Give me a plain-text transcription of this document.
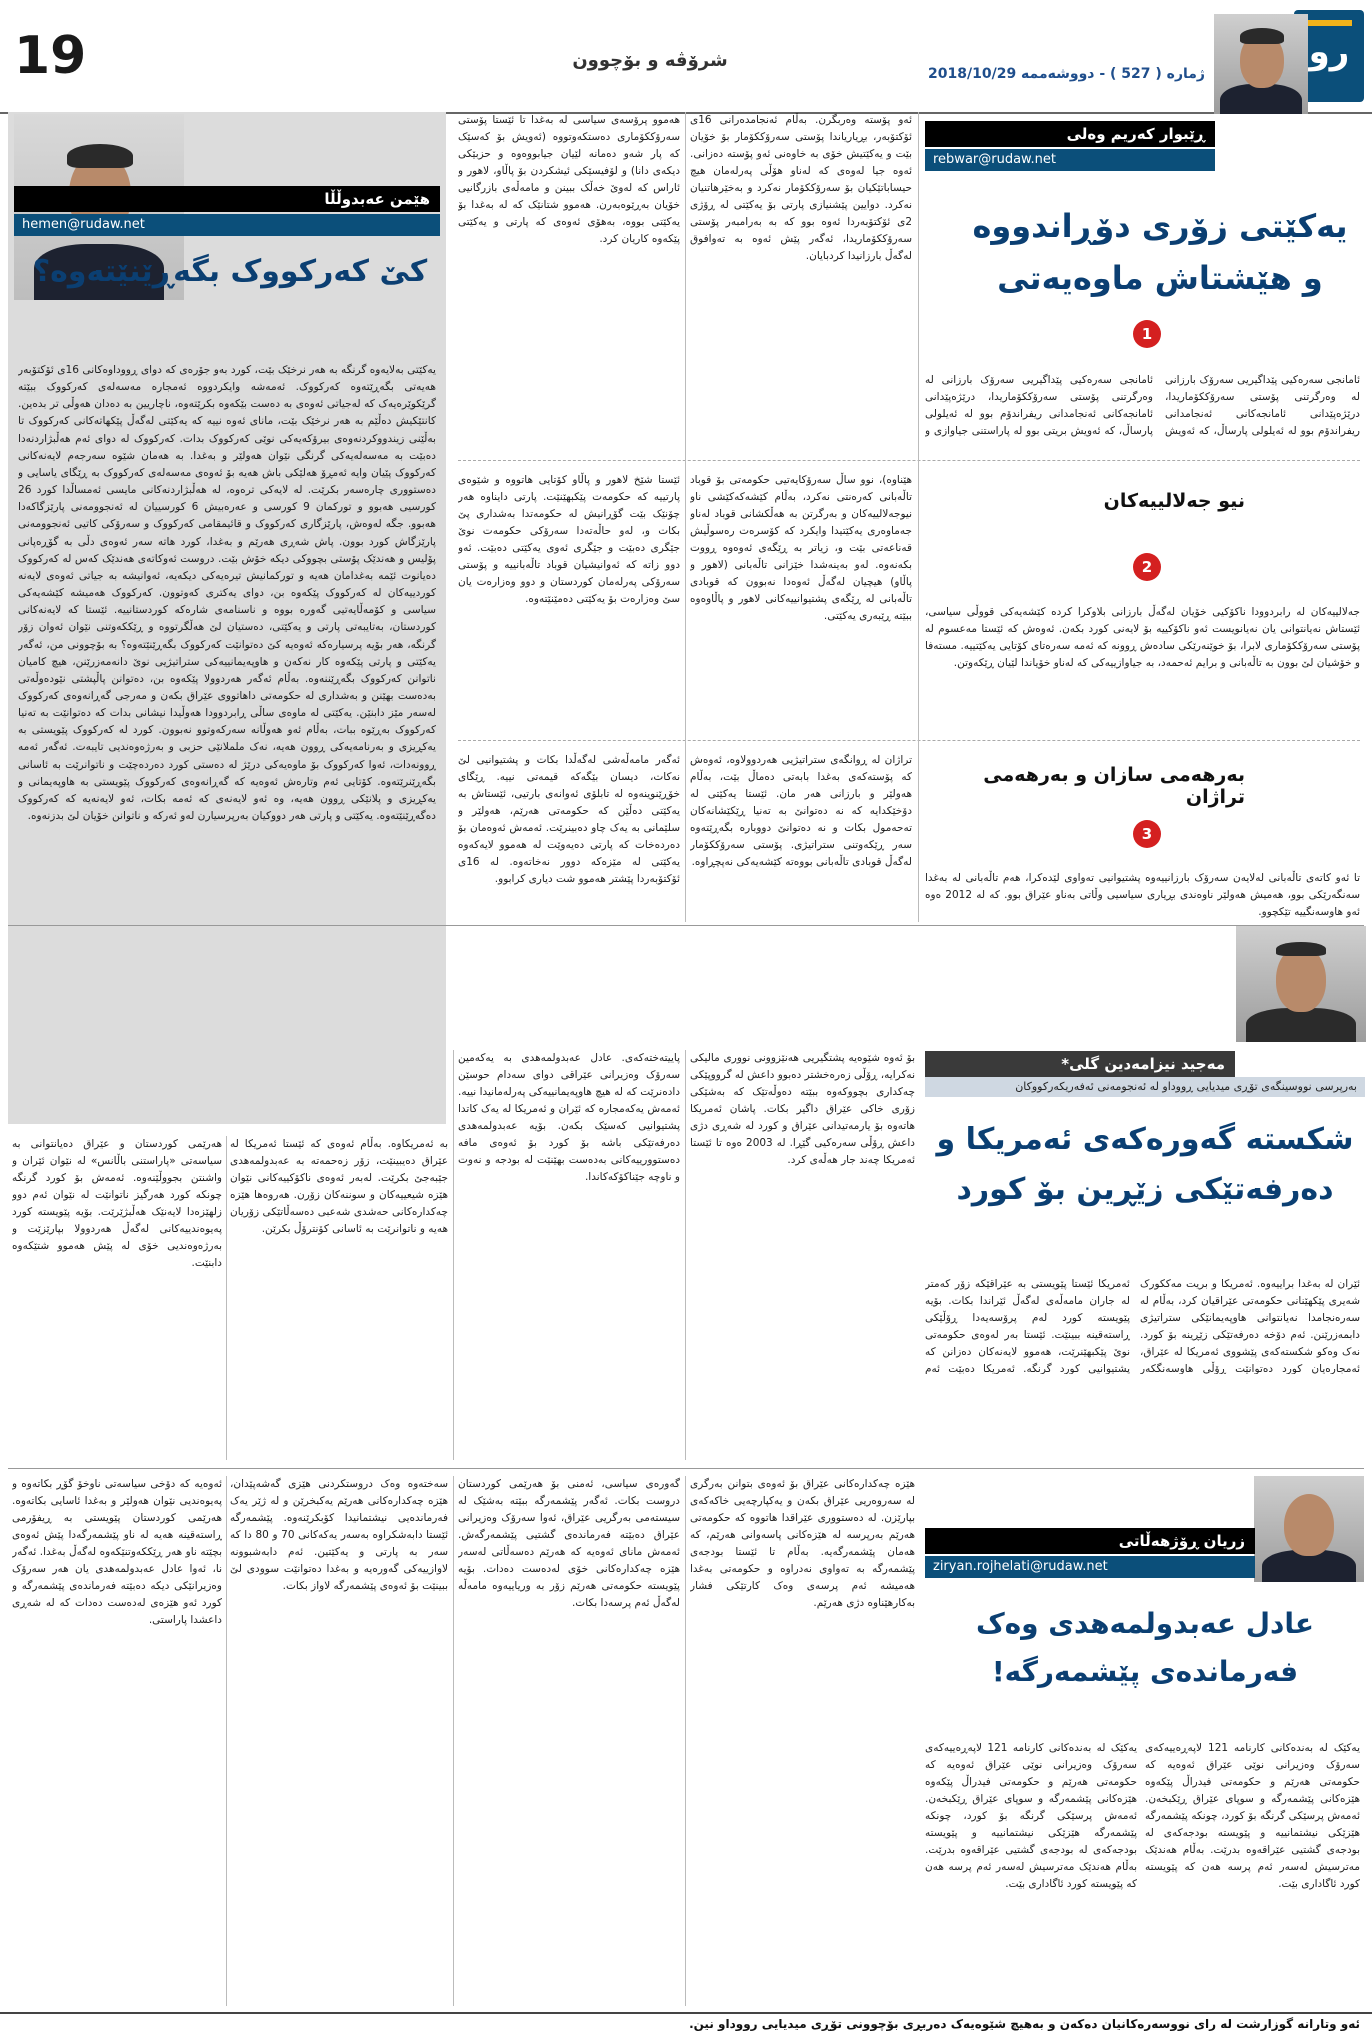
19	شرۆڤە و بۆچوون
ژمارە ( 527 ) - دووشەممە 2018/10/29
رو
ڕێبوار کەریم وەلی
rebwar@rudaw.net
یەکێتی زۆری دۆڕاندووە و هێشتاش ماوەیەتی
1
ئامانجی سەرەکیی پێداگیریی سەرۆک بارزانی لە وەرگرتنی پۆستی سەرۆککۆماریدا، درێژەپێدانی ئامانجەکانی ئەنجامدانی ریفراندۆم بوو لە ئەیلولی پارساڵ، کە ئەویش
ئامانجی سەرەکیی پێداگیریی سەرۆک بارزانی لە وەرگرتنی پۆستی سەرۆککۆماریدا، درێژەپێدانی ئامانجەکانی ئەنجامدانی ریفراندۆم بوو لە ئەیلولی پارساڵ، کە ئەویش بریتی بوو لە پاراستنی جیاوازی و
ئەو پۆستە وەربگرن. بەڵام ئەنجامدەرانی 16ی ئۆکتۆبەر، بڕیاریاندا پۆستی سەرۆککۆمار بۆ خۆیان بێت و یەکێتیش خۆی بە خاوەنی ئەو پۆستە دەزانی. ئەوە جیا لەوەی کە لەناو هۆڵی پەرلەمان هیچ حیساباتێکیان بۆ سەرۆککۆمار نەکرد و بەخێرهاتنیان نەکرد. دوایین پێشنیازی پارتی بۆ یەکێتی لە ڕۆژی 2ی ئۆکتۆبەردا ئەوە بوو کە بە بەرامبەر پۆستی سەرۆککۆماریدا، ئەگەر پێش ئەوە بە تەوافوق لەگەڵ بارزانیدا کردبایان.
هەموو پرۆسەی سیاسی لە بەغدا تا ئێستا پۆستی سەرۆککۆماری دەستکەوتووە (ئەویش بۆ کەسێک کە پار شەو دەمانە لێیان جیابووەوە و حزبێکی دیکەی دانا) و لۆفیسێکی ئیشکردن بۆ پاڵاو، لاهور و ئاراس کە لەوێ خەڵک ببینن و مامەڵەی بازرگانیی خۆیان بەڕێوەبەرن. هەموو شتانێک کە لە بەغدا بۆ یەکێتی بووە، بەهۆی ئەوەی کە پارتی و یەکێتی پێکەوە کاریان کرد.
نیو جەلالییەکان
2
جەلالییەکان لە رابردوودا ناکۆکیی خۆیان لەگەڵ بارزانی بلاوکرا کردە کێشەیەکی قووڵی سیاسی، ئێستاش نەیانتوانی یان نەیانویست ئەو ناکۆکییە بۆ لایەنی کورد بکەن. ئەوەش کە ئێستا مەعسوم لە پۆستی سەرۆککۆماری لابرا، بۆ خوێنەرێکی سادەش ڕوونە کە ئەمە سەرەتای کۆتایی یەکێتییە. مستەفا و خۆشیان لێ بوون بە تاڵەبانی و برایم ئەحمەد، بە جیاوازییەکی کە لەناو خۆیاندا لێیان ڕێکەوتن.
هێناوە)، نوو ساڵ سەرۆکایەتیی حکومەتی بۆ قوباد تاڵەبانی کەرەنتی نەکرد، بەڵام کێشەکەکێشی ناو نیوجەلالییەکان و بەرگرتن بە هەڵکشانی قوباد لەناو جەماوەری یەکێتیدا وایکرد کە کۆسرەت رەسوڵیش قەناعەتی بێت و، زیاتر بە ڕێگەی ئەوەوە ڕووت بکەنەوە. لەو بەینەشدا خێزانی تاڵەبانی (لاهور و پاڵاو) هیچیان لەگەڵ ئەوەدا نەبوون کە قوبادی تاڵەبانی لە ڕێگەی پشتیوانییەکانی لاهور و پاڵاوەوە ببێتە ڕێبەری یەکێتی.
ئێستا شێخ لاهور و پاڵاو کۆتایی هاتووە و شێوەی پارتییە کە حکومەت پێکبهێنێت. پارتی دایناوە هەر چۆنێک بێت گۆڕانیش لە حکومەتدا بەشداری پێ بکات و، لەو حاڵەتەدا سەرۆکی حکومەت نوێ جێگری دەبێت و جێگری ئەوی یەکێتی دەبێت. ئەو دوو زاتە کە ئەوانیشیان قوباد تاڵەبانییە و پۆستی سەرۆکی پەرلەمان کوردستان و دوو وەزارەت یان سێ وەزارەت بۆ یەکێتی دەمێنێتەوە.
بەرهەمی سازان و بەرهەمی تراژان
3
تا ئەو کاتەی تاڵەبانی لەلایەن سەرۆک بارزانییەوە پشتیوانیی تەواوی لێدەکرا، هەم تاڵەبانی لە بەغدا سەنگەرێکی بوو، هەمیش هەولێر ناوەندی بڕیاری سیاسیی وڵاتی بەناو عێراق بوو. کە لە 2012 ەوە ئەو هاوسەنگییە تێکچوو.
تراژان لە ڕوانگەی ستراتیژیی هەردوولاوە، ئەوەش کە پۆستەکەی بەغدا بابەتی دەماڵ بێت، بەڵام هەولێر و بارزانی هەر مان. ئێستا یەکێتی لە دۆخێکدایە کە نە دەتوانێ بە تەنیا ڕێکێشانەکان تەحەمول بکات و نە دەتوانێ دووبارە بگەڕێتەوە سەر ڕێکەوتنی ستراتیژی. پۆستی سەرۆککۆمار لەگەڵ قوبادی تاڵەبانی بووەتە کێشەیەکی نەپچڕاوە.
ئەگەر مامەڵەشی لەگەڵدا بکات و پشتیوانیی لێ نەکات، دیسان بێگەکە قیمەتی نییە. ڕێگای خۆڕێنوینەوە لە تابلۆی ئەوانەی بارتیی، ئێستاش بە یەکێتی دەڵێن کە حکومەتی هەرێم، هەولێر و سلێمانی بە یەک چاو دەبینرێت. ئەمەش ئەوەمان بۆ دەردەخات کە پارتی دەیەوێت لە هەموو لایەکەوە یەکێتی لە مێزەکە دوور نەخاتەوە. لە 16ی ئۆکتۆبەردا پێشتر هەموو شت دیاری کرابوو.
هێمن عەبدوڵڵا
hemen@rudaw.net
کێ کەرکووک بگەڕێنێتەوە؟
یەکێتی بەلایەوە گرنگە بە هەر نرخێک بێت، کورد بەو جۆرەی کە دوای ڕووداوەکانی 16ی ئۆکتۆبەر هەیەتی بگەڕێتەوە کەرکووک. ئەمەشە وایکردووە ئەمجارە مەسەلەی کەرکووک ببێتە گرێکوێرەیەک کە لەجیاتی ئەوەی بە دەست بێکەوە بکرێتەوە، ناچاریین بە دەدان هەوڵی تر بدەین. کانتێکیش دەڵێم بە هەر نرخێک بێت، مانای ئەوە نییە کە یەکێتی لەگەڵ پێکهاتەکانی کەرکووک تا بەڵێنی زیندووکردنەوەی بیرۆکەیەکی نوێی کەرکووک بدات. کەرکووک لە دوای ئەم هەڵبژاردنەدا دەبێت بە مەسەلەیەکی گرنگی نێوان هەولێر و بەغدا. بە هەمان شێوە سەرجەم لایەنەکانی کەرکووک پێیان وایە ئەمڕۆ هەلێکی باش هەیە بۆ ئەوەی مەسەلەی کەرکووک بە ڕێگای یاسایی و دەستووری چارەسەر بکرێت. لە لایەکی ترەوە، لە هەڵبژاردنەکانی مایسی ئەمساڵدا کورد 26 کورسیی هەبوو و تورکمان 9 کورسی و عەرەبیش 6 کورسییان لە ئەنجوومەنی پارێزگاکەدا هەبوو. جگە لەوەش، پارێزگاری کەرکووک و قائیمقامی کەرکووک و سەرۆکی کاتیی ئەنجوومەنی پارێزگاش کورد بوون. پاش شەڕی هەرێم و بەغدا، کورد هاتە سەر ئەوەی دڵی بە گۆڕەپانی پۆلیس و هەندێک پۆستی بچووکی دیکە خۆش بێت. دروست ئەوکاتەی هەندێک کەس لە کەرکووک دەیانوت ئێمە بەغدامان هەیە و تورکمانیش تیرەیەکی دیکەیە، ئەوانیشە بە جیاتی ئەوەی لایەنە کوردییەکان لە کەرکووک پێکەوە بن، دوای یەکتری کەوتوون. کەرکووک هەمیشە کێشەیەکی سیاسی و کۆمەڵایەتیی گەورە بووە و ناسنامەی شارەکە کوردستانییە. ئێستا کە لایەنەکانی کوردستان، بەتایبەتی پارتی و یەکێتی، دەستیان لێ هەڵگرتووە و ڕێککەوتنی نێوان ئەوان زۆر گرنگە، هەر بۆیە پرسیارەکە ئەوەیە کێ دەتوانێت کەرکووک بگەڕێنێتەوە؟ بە بۆچوونی من، ئەگەر یەکێتی و پارتی پێکەوە کار نەکەن و هاوپەیمانییەکی ستراتیژیی نوێ دانەمەزرێنن، هیچ کامیان ناتوانن کەرکووک بگەڕێننەوە. بەڵام ئەگەر هەردوولا پێکەوە بن، دەتوانن پاڵپشتی نێودەوڵەتی بەدەست بهێنن و بەشداری لە حکومەتی داهاتووی عێراق بکەن و مەرجی گەڕانەوەی کەرکووک لەسەر مێز دابنێن. یەکێتی لە ماوەی ساڵی ڕابردوودا هەوڵیدا نیشانی بدات کە دەتوانێت بە تەنیا کەرکووک بەڕێوە ببات، بەڵام ئەو هەوڵانە سەرکەوتوو نەبوون. کورد لە کەرکووک پێویستی بە یەکڕیزی و بەرنامەیەکی ڕوون هەیە، نەک ململانێی حزبی و بەرژەوەندیی تایبەت. ئەگەر ئەمە ڕوونەدات، ئەوا کەرکووک بۆ ماوەیەکی درێژ لە دەستی کورد دەردەچێت و ناتوانرێت بە ئاسانی بگەڕێنرێتەوە. کۆتایی ئەم وتارەش ئەوەیە کە گەڕانەوەی کەرکووک پێویستی بە هاوپەیمانی و یەکڕیزی و پلانێکی ڕوون هەیە، وە ئەو لایەنەی کە ئەمە بکات، ئەو لایەنەیە کە کەرکووک دەگەڕێنێتەوە. یەکێتی و پارتی هەر دووکیان بەرپرسیارن لەو ئەرکە و ناتوانن خۆیان لێ بدزنەوە.
مەجید نیزامەدین گلی*
بەرپرسی نووسینگەی تۆڕی میدیایی ڕووداو لە ئەنجومەنی ئەفەریکەرکووکان
شکستە گەورەکەی ئەمریکا و دەرفەتێکی زێڕین بۆ کورد
ئێران لە بەغدا براییەوە. ئەمریکا و بریت مەککورک شەیری پێکهێنانی حکومەتی عێراقیان کرد، بەڵام لە سەرەنجامدا نەیانتوانی هاوپەیمانێکی ستراتیژی دابمەزرێنن. ئەم دۆخە دەرفەتێکی زێڕینە بۆ کورد. نەک وەکو شکستەکەی پێشووی ئەمریکا لە عێراق، ئەمجارەیان کورد دەتوانێت ڕۆڵی هاوسەنگکەر
ئەمریکا ئێستا پێویستی بە عێراقێکە زۆر کەمتر لە جاران مامەڵەی لەگەڵ ئێراندا بکات. بۆیە پێویستە کورد لەم پرۆسەیەدا ڕۆڵێکی ڕاستەقینە ببینێت. ئێستا بەر لەوەی حکومەتی نوێ پێکبهێنرێت، هەموو لایەنەکان دەزانن کە پشتیوانیی کورد گرنگە. ئەمریکا دەبێت ئەم
بۆ ئەوە شێوەیە پشتگیریی هەنێزوونی نووری مالیکی نەکرایە، ڕۆڵی زەرەخشتر دەبوو داعش لە گرووپێکی چەکداری بچووکەوە ببێتە دەوڵەتێک کە بەشێکی زۆری خاکی عێراق داگیر بکات. پاشان ئەمریکا هاتەوە بۆ یارمەتیدانی عێراق و کورد لە شەڕی دژی داعش ڕۆڵی سەرەکیی گێڕا. لە 2003 ەوە تا ئێستا ئەمریکا چەند جار هەڵەی کرد.
پاییتەختەکەی. عادل عەبدولمەهدی بە یەکەمین سەرۆک وەزیرانی عێراقی دوای سەدام حوسێن دادەنرێت کە لە هیچ هاوپەیمانییەکی پەرلەمانیدا نییە. ئەمەش یەکەمجارە کە ئێران و ئەمریکا لە یەک کاتدا پشتیوانیی کەسێک بکەن. بۆیە عەبدولمەهدی دەرفەتێکی باشە بۆ کورد بۆ ئەوەی مافە دەستوورییەکانی بەدەست بهێنێت لە بودجە و نەوت و ناوچە جێناکۆکەکاندا.
بە ئەمریکاوە. بەڵام ئەوەی کە ئێستا ئەمریکا لە عێراق دەیبینێت، زۆر زەحمەتە بە عەبدولمەهدی جێبەجێ بکرێت. لەبەر ئەوەی ناکۆکییەکانی نێوان هێزە شیعییەکان و سوننەکان زۆرن. هەروەها هێزە چەکدارەکانی حەشدی شەعبی دەسەڵاتێکی زۆریان هەیە و ناتوانرێت بە ئاسانی کۆنترۆڵ بکرێن.
هەرێمی کوردستان و عێراق دەیانتوانی بە سیاسەتی «پاراستنی باڵانس» لە نێوان ئێران و واشنتن بجووڵێنەوە. ئەمەش بۆ کورد گرنگە چونکە کورد هەرگیز ناتوانێت لە نێوان ئەم دوو زلهێزەدا لایەنێک هەڵبژێرێت. بۆیە پێویستە کورد پەیوەندییەکانی لەگەڵ هەردوولا بپارێزێت و بەرژەوەندیی خۆی لە پێش هەموو شتێکەوە دابنێت.
زریان ڕۆژهەڵاتی
ziryan.rojhelati@rudaw.net
عادل عەبدولمەهدی وەک فەرماندەی پێشمەرگە!
یەکێک لە بەندەکانی کارنامە 121 لاپەڕەییەکەی سەرۆک وەزیرانی نوێی عێراق ئەوەیە کە حکومەتی هەرێم و حکومەتی فیدراڵ پێکەوە هێزەکانی پێشمەرگە و سوپای عێراق ڕێکبخەن. ئەمەش پرسێکی گرنگە بۆ کورد، چونکە پێشمەرگە هێزێکی نیشتمانییە و پێویستە بودجەکەی لە بودجەی گشتیی عێراقەوە بدرێت. بەڵام هەندێک مەترسیش لەسەر ئەم پرسە هەن کە پێویستە کورد ئاگاداری بێت.
یەکێک لە بەندەکانی کارنامە 121 لاپەڕەییەکەی سەرۆک وەزیرانی نوێی عێراق ئەوەیە کە حکومەتی هەرێم و حکومەتی فیدراڵ پێکەوە هێزەکانی پێشمەرگە و سوپای عێراق ڕێکبخەن. ئەمەش پرسێکی گرنگە بۆ کورد، چونکە پێشمەرگە هێزێکی نیشتمانییە و پێویستە بودجەکەی لە بودجەی گشتیی عێراقەوە بدرێت. بەڵام هەندێک مەترسیش لەسەر ئەم پرسە هەن کە پێویستە کورد ئاگاداری بێت.
هێزە چەکدارەکانی عێراق بۆ ئەوەی بتوانن بەرگری لە سەروەریی عێراق بکەن و یەکپارچەیی خاکەکەی بپارێزن. لە دەستووری عێراقدا هاتووە کە حکومەتی هەرێم بەرپرسە لە هێزەکانی پاسەوانی هەرێم، کە هەمان پێشمەرگەیە. بەڵام تا ئێستا بودجەی پێشمەرگە بە تەواوی نەدراوە و حکومەتی بەغدا هەمیشە ئەم پرسەی وەک کارتێکی فشار بەکارهێناوە دژی هەرێم.
گەورەی سیاسی، ئەمنی بۆ هەرێمی کوردستان دروست بکات. ئەگەر پێشمەرگە ببێتە بەشێک لە سیستەمی بەرگریی عێراق، ئەوا سەرۆک وەزیرانی عێراق دەبێتە فەرماندەی گشتیی پێشمەرگەش. ئەمەش مانای ئەوەیە کە هەرێم دەسەڵاتی لەسەر هێزە چەکدارەکانی خۆی لەدەست دەدات. بۆیە پێویستە حکومەتی هەرێم زۆر بە وریاییەوە مامەڵە لەگەڵ ئەم پرسەدا بکات.
سەختەوە وەک دروستکردنی هێزی گەشەپێدان، هێزە چەکدارەکانی هەرێم یەکبخرێن و لە ژێر یەک فەرماندەیی نیشتمانیدا کۆبکرێنەوە. پێشمەرگە ئێستا دابەشکراوە بەسەر یەکەکانی 70 و 80 دا کە سەر بە پارتی و یەکێتین. ئەم دابەشبوونە لاوازییەکی گەورەیە و بەغدا دەتوانێت سوودی لێ ببینێت بۆ ئەوەی پێشمەرگە لاواز بکات.
ئەوەیە کە دۆخی سیاسەتی ناوخۆ گۆڕ بکاتەوە و پەیوەندیی نێوان هەولێر و بەغدا ئاسایی بکاتەوە. هەرێمی کوردستان پێویستی بە ڕیفۆرمی ڕاستەقینە هەیە لە ناو پێشمەرگەدا پێش ئەوەی بچێتە ناو هەر ڕێککەوتنێکەوە لەگەڵ بەغدا. ئەگەر نا، ئەوا عادل عەبدولمەهدی یان هەر سەرۆک وەزیرانێکی دیکە دەبێتە فەرماندەی پێشمەرگە و کورد ئەو هێزەی لەدەست دەدات کە لە شەڕی داعشدا پاراستی.
ئەو وتارانە گوزارشت لە رای نووسەرەکانیان دەکەن و بەهیچ شێوەیەک دەربڕی بۆچوونی تۆڕی میدیایی رووداو نین.
